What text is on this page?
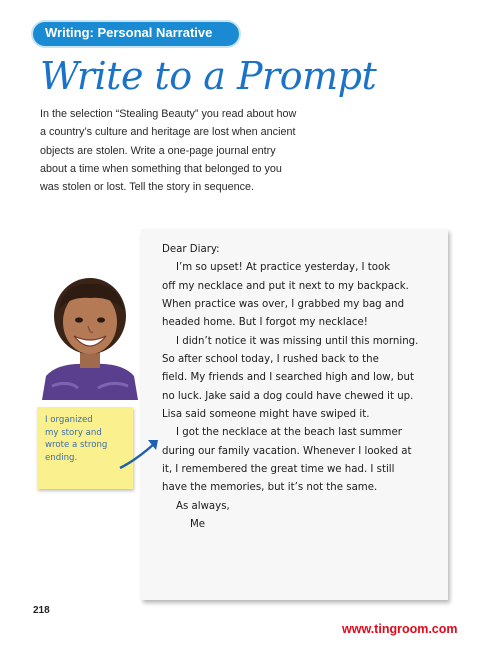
Writing: Personal Narrative
Write to a Prompt

In the selection “Stealing Beauty” you read about how

a country’s culture and heritage are lost when ancient

objects are stolen. Write a one-page journal entry

about a time when something that belonged to you

was stolen or lost. Tell the story in sequence.

Dear Diary:

I’m so upset! At practice yesterday, I took

off my necklace and put it next to my backpack.

When practice was over, I grabbed my bag and

headed home. But I forgot my necklace!

I didn’t notice it was missing until this morning.

So after school today, I rushed back to the

field. My friends and I searched high and low, but

no luck. Jake said a dog could have chewed it up.

Lisa said someone might have swiped it.

I got the necklace at the beach last summer

during our family vacation. Whenever I looked at

it, I remembered the great time we had. I still

have the memories, but it’s not the same.

As always,

Me

I organized

my story and

wrote a strong

ending.

218
www.tingroom.com
